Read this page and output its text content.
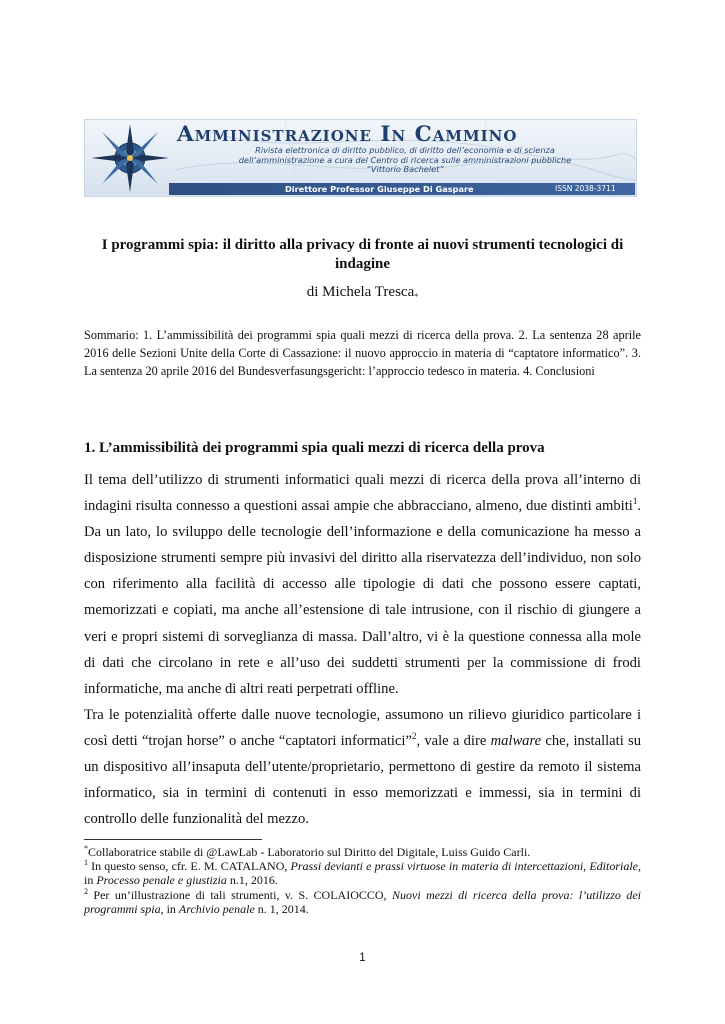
Amministrazione In Cammino
Rivista elettronica di diritto pubblico, di diritto dell’economia e di scienza
dell’amministrazione a cura del Centro di ricerca sulle amministrazioni pubbliche
“Vittorio Bachelet”
Direttore Professor Giuseppe Di Gaspare	ISSN 2038-3711
I programmi spia: il diritto alla privacy di fronte ai nuovi strumenti tecnologici di indagine
di Michela Tresca*
Sommario: 1. L’ammissibilità dei programmi spia quali mezzi di ricerca della prova. 2. La sentenza 28 aprile 2016 delle Sezioni Unite della Corte di Cassazione: il nuovo approccio in materia di “captatore informatico”. 3. La sentenza 20 aprile 2016 del Bundesverfasungsgericht: l’approccio tedesco in materia. 4. Conclusioni
1. L’ammissibilità dei programmi spia quali mezzi di ricerca della prova

Il tema dell’utilizzo di strumenti informatici quali mezzi di ricerca della prova all’interno di indagini risulta connesso a questioni assai ampie che abbracciano, almeno, due distinti ambiti$^1$. Da un lato, lo sviluppo delle tecnologie dell’informazione e della comunicazione ha messo a disposizione strumenti sempre più invasivi del diritto alla riservatezza dell’individuo, non solo con riferimento alla facilità di accesso alle tipologie di dati che possono essere captati, memorizzati e copiati, ma anche all’estensione di tale intrusione, con il rischio di giungere a veri e propri sistemi di sorveglianza di massa. Dall’altro, vi è la questione connessa alla mole di dati che circolano in rete e all’uso dei suddetti strumenti per la commissione di frodi informatiche, ma anche di altri reati perpetrati offline.

Tra le potenzialità offerte dalle nuove tecnologie, assumono un rilievo giuridico particolare i così detti “trojan horse” o anche “captatori informatici”$^2$, vale a dire malware che, installati su un dispositivo all’insaputa dell’utente/proprietario, permettono di gestire da remoto il sistema informatico, sia in termini di contenuti in esso memorizzati e immessi, sia in termini di controllo delle funzionalità del mezzo.

*Collaboratrice stabile di @LawLab - Laboratorio sul Diritto del Digitale, Luiss Guido Carli.

$^1$ In questo senso, cfr. E. M. CATALANO, Prassi devianti e prassi virtuose in materia di intercettazioni, Editoriale, in Processo penale e giustizia n.1, 2016.

$^2$ Per un’illustrazione di tali strumenti, v. S. COLAIOCCO, Nuovi mezzi di ricerca della prova: l’utilizzo dei programmi spia, in Archivio penale n. 1, 2014.

1
